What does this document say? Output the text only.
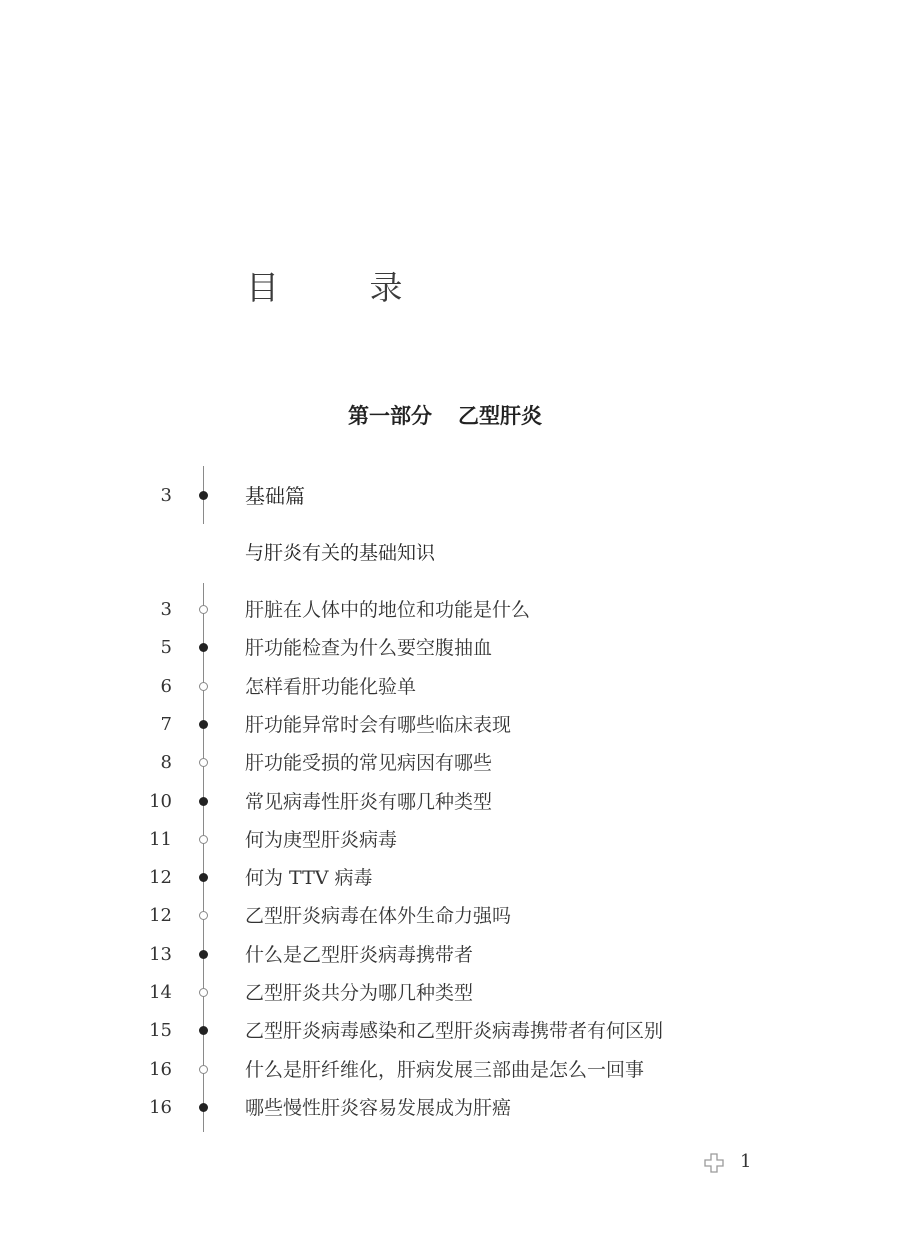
目 录
第一部分 乙型肝炎
3	基础篇
与肝炎有关的基础知识
3	肝脏在人体中的地位和功能是什么
5	肝功能检查为什么要空腹抽血
6	怎样看肝功能化验单
7	肝功能异常时会有哪些临床表现
8	肝功能受损的常见病因有哪些
10	常见病毒性肝炎有哪几种类型
11	何为庚型肝炎病毒
12	何为 TTV 病毒
12	乙型肝炎病毒在体外生命力强吗
13	什么是乙型肝炎病毒携带者
14	乙型肝炎共分为哪几种类型
15	乙型肝炎病毒感染和乙型肝炎病毒携带者有何区别
16	什么是肝纤维化，肝病发展三部曲是怎么一回事
16	哪些慢性肝炎容易发展成为肝癌
1
